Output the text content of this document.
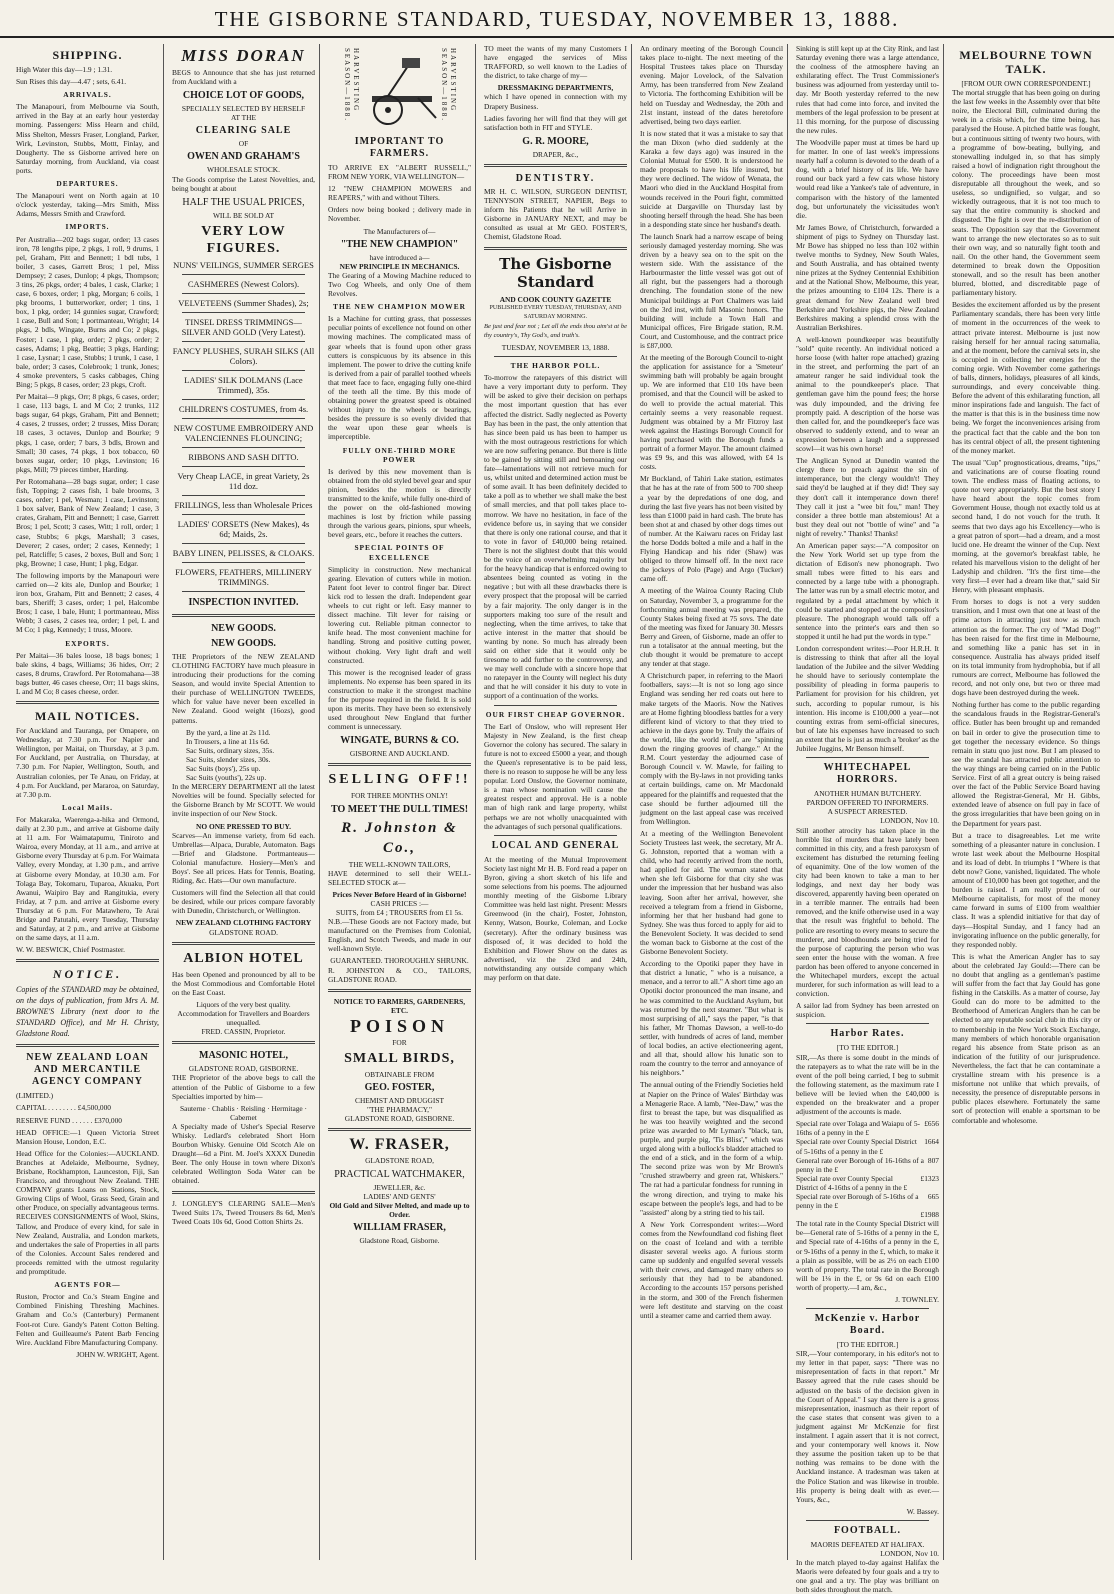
THE GISBORNE STANDARD, TUESDAY, NOVEMBER 13, 1888.
SHIPPING.

High Water this day—1.9 ; 1.31.

Sun Rises this day—4.47 ; sets, 6.41.

ARRIVALS.

The Manapouri, from Melbourne via South, arrived in the Bay at an early hour yesterday morning. Passengers: Miss Hearn and child, Miss Shelton, Messrs Fraser, Longland, Parker, Wirk, Levinston, Stubbs, Mottt, Finlay, and Dougherty. The ss Gisborne arrived here on Saturday morning, from Auckland, via coast ports.

DEPARTURES.

The Manapouri went on North again at 10 o'clock yesterday, taking—Mrs Smith, Miss Adams, Messrs Smith and Crawford.

IMPORTS.

Per Australia—202 bags sugar, order; 13 cases iron, 78 lengths pipe, 2 pkgs, 1 roll, 9 drums, 1 pel, Graham, Pitt and Bennett; 1 bdl tubs, 1 boiler, 3 cases, Garrett Bros; 1 pel, Miss Dempsey; 2 cases, Dunlop; 4 pkgs, Thompson; 3 tins, 26 pkgs, order; 4 bales, 1 cask, Clarke; 1 case, 6 boxes, order; 1 pkg, Morgan; 6 coils, 1 pkg brooms, 1 butterworker, order; 1 tins, 1 box, 1 pkg, order; 14 gunnies sugar, Crawford; 1 case, Bull and Son; 1 portmanteau, Wright; 14 pkgs, 2 bdls, Wingate, Burns and Co; 2 pkgs, Foster; 1 case, 1 pkg, order; 2 pkgs, order; 2 cases, Adams; 1 pkg, Beattie; 3 pkgs, Harding; 1 case, Lysnar; 1 case, Stubbs; 1 trunk, 1 case, 1 bale, order; 3 cases, Colebrook; 1 trunk, Jones; 4 smoke preventers, 5 casks cabbages, Ching Bing; 5 pkgs, 8 cases, order; 23 pkgs, Croft.

Per Maitai—9 pkgs, Orr; 8 pkgs, 6 cases, order; 1 case, 113 bags, L and M Co; 2 trunks, 112 bags sugar, 64 pkgs, Graham, Pitt and Bennett; 4 cases, 2 trusses, order; 2 trusses, Miss Doran; 18 cases, 3 octaves, Dunlop and Bourke; 9 pkgs, 1 case, order; 7 bars, 3 bdls, Brown and Small; 30 cases, 74 pkgs, 1 box tobacco, 60 boxes sugar, order; 10 pkgs, Levinston; 16 pkgs, Mill; 79 pieces timber, Harding.

Per Rotomahana—28 bags sugar, order; 1 case fish, Topping; 2 cases fish, 1 bale brooms, 3 cases, order; 1 pel, Wesman; 1 case, Levinston; 1 box salver, Bank of New Zealand; 1 case, 3 crates, Graham, Pitt and Bennett; 1 case, Garrett Bros; 1 pel, Scott; 3 cases, Witt; 1 roll, order; 1 case, Stubbs; 6 pkgs, Marshall; 3 cases, Deverer; 2 cases, order; 2 cases, Kennedy; 1 pel, Ratcliffe; 5 cases, 2 boxes, Bull and Son; 1 pkg, Browne; 1 case, Hunt; 1 pkg, Edgar.

The following imports by the Manapouri were carried on—2 kits ale, Dunlop and Bourke; 1 iron box, Graham, Pitt and Bennett; 2 cases, 4 bars, Sheriff; 3 cases, order; 1 pel, Halcombe Bros; 1 case, 1 bale, Hunt; 1 portmanteau, Miss Webb; 3 cases, 2 cases tea, order; 1 pel, L and M Co; 1 pkg, Kennedy; 1 truss, Moore.

EXPORTS.

Per Maitai—36 bales loose, 18 bags bones; 1 bale skins, 4 bags, Williams; 36 hides, Orr; 2 cases, 8 drums, Crawford. Per Rotomahana—38 bags butter, 46 cases cheese, Orr; 11 bags skins, L and M Co; 8 cases cheese, order.

MAIL NOTICES.

For Auckland and Tauranga, per Omapere, on Wednesday, at 7.30 p.m. For Napier and Wellington, per Maitai, on Thursday, at 3 p.m. For Auckland, per Australia, on Thursday, at 7.30 p.m. For Napier, Wellington, South, and Australian colonies, per Te Anau, on Friday, at 4 p.m. For Auckland, per Mararoa, on Saturday, at 7.30 p.m.

Local Mails.

For Makaraka, Waerenga-a-hika and Ormond, daily at 2.30 p.m., and arrive at Gisborne daily at 11 a.m. For Waimatapumu, Tiniroto and Wairoa, every Monday, at 11 a.m., and arrive at Gisborne every Thursday at 6 p.m. For Waimata Valley, every Monday, at 1.30 p.m., and arrive at Gisborne every Monday, at 10.30 a.m. For Tolaga Bay, Tokomaru, Tuparoa, Akuaku, Port Awanui, Waipiro Bay and Rangitukia, every Friday, at 7 p.m. and arrive at Gisborne every Thursday at 6 p.m. For Matawhero, Te Arai Bridge and Patutahi, every Tuesday, Thursday and Saturday, at 2 p.m., and arrive at Gisborne on the same days, at 11 a.m.

W. W. BESWICK, Chief Postmaster.

NOTICE.

Copies of the STANDARD may be obtained, on the days of publication, from Mrs A. M. BROWNE'S Library (next door to the STANDARD Office), and Mr H. Christy, Gladstone Road.

NEW ZEALAND LOAN AND MERCANTILE AGENCY COMPANY

(LIMITED.)

CAPITAL . . . . . . . . £4,500,000

RESERVE FUND . . . . . . £370,000

HEAD OFFICE:—1 Queen Victoria Street Mansion House, London, E.C.

Head Office for the Colonies:—AUCKLAND. Branches at Adelaide, Melbourne, Sydney, Brisbane, Rockhampton, Launceston, Fiji, San Francisco, and throughout New Zealand. THE COMPANY grants Loans on Stations, Stock, Growing Clips of Wool, Grass Seed, Grain and other Produce, on specially advantageous terms. RECEIVES CONSIGNMENTS of Wool, Skins, Tallow, and Produce of every kind, for sale in New Zealand, Australia, and London markets, and undertakes the sale of Properties in all parts of the Colonies. Account Sales rendered and proceeds remitted with the utmost regularity and promptitude.

AGENTS FOR—

Ruston, Proctor and Co.'s Steam Engine and Combined Finishing Threshing Machines. Graham and Co.'s (Canterbury) Permanent Foot-rot Cure. Gandy's Patent Cotton Belting. Felten and Guilleaume's Patent Barb Fencing Wire. Auckland Fibre Manufacturing Company.

JOHN W. WRIGHT, Agent.

MISS DORAN

BEGS to Announce that she has just returned from Auckland with a

CHOICE LOT OF GOODS,
SPECIALLY SELECTED BY HERSELF
AT THE
CLEARING SALE
OF
OWEN AND GRAHAM'S
WHOLESALE STOCK.

The Goods comprise the Latest Novelties, and, being bought at about

HALF THE USUAL PRICES,
WILL BE SOLD AT
VERY LOW FIGURES.
NUNS' VEILINGS, SUMMER SERGES
CASHMERES (Newest Colors).
VELVETEENS (Summer Shades), 2s;
TINSEL DRESS TRIMMINGS—SILVER AND GOLD (Very Latest).
FANCY PLUSHES, SURAH SILKS (All Colors).
LADIES' SILK DOLMANS (Lace Trimmed), 35s.
CHILDREN'S COSTUMES, from 4s.
NEW COSTUME EMBROIDERY AND VALENCIENNES FLOUNCING;
RIBBONS AND SASH DITTO.
Very Cheap LACE, in great Variety, 2s 11d doz.
FRILLINGS, less than Wholesale Prices
LADIES' CORSETS (New Makes), 4s 6d; Maids, 2s.
BABY LINEN, PELISSES, & CLOAKS.
FLOWERS, FEATHERS, MILLINERY TRIMMINGS.
INSPECTION INVITED.
NEW GOODS.
NEW GOODS.

THE Proprietors of the NEW ZEALAND CLOTHING FACTORY have much pleasure in introducing their productions for the coming Season, and would invite Special Attention to their purchase of WELLINGTON TWEEDS, which for value have never been excelled in New Zealand. Good weight (16ozs), good patterns.

By the yard, a line at 2s 11d.
In Trousers, a line at 11s 6d.
Sac Suits, ordinary sizes, 35s.
Sac Suits, slender sizes, 30s.
Sac Suits (boys'), 25s up.
Sac Suits (youths'), 22s up.

In the MERCERY DEPARTMENT all the latest Novelties will be found. Specially selected for the Gisborne Branch by Mr SCOTT. We would invite inspection of our New Stock.

NO ONE PRESSED TO BUY.

Scarves—An immense variety, from 6d each. Umbrellas—Alpaca, Durable, Automaton. Bags—Brief and Gladstone. Portmanteaus—Colonial manufacture. Hosiery—Men's and Boys'. See all prices. Hats for Tennis, Boating, Riding, &c. Hats—Our own manufacture.

Customers will find the Selection all that could be desired, while our prices compare favorably with Dunedin, Christchurch, or Wellington.

NEW ZEALAND CLOTHING FACTORY
GLADSTONE ROAD.
ALBION HOTEL

Has been Opened and pronounced by all to be the Most Commodious and Comfortable Hotel on the East Coast.

Liquors of the very best quality.
Accommodation for Travellers and Boarders unequalled.
FRED. CASSIN, Proprietor.
MASONIC HOTEL,
GLADSTONE ROAD, GISBORNE.

THE Proprietor of the above begs to call the attention of the Public of Gisborne to a few Specialties imported by him—

Sauterne · Chablis · Reisling · Hermitage · Cabernet

A Specialty made of Usher's Special Reserve Whisky. Ledlard's celebrated Short Horn Bourbon Whisky. Genuine Old Scotch Ale on Draught—6d a Pint. M. Joel's XXXX Dunedin Beer. The only House in town where Dixon's celebrated Wellington Soda Water can be obtained.

J. LONGLEY'S CLEARING SALE—Men's Tweed Suits 17s, Tweed Trousers 8s 6d, Men's Tweed Coats 10s 6d, Good Cotton Shirts 2s.

HARVESTING SEASON—1888.	HARVESTING SEASON—1888.
IMPORTANT TO FARMERS.

TO ARRIVE EX "ALBERT RUSSELL," FROM NEW YORK, VIA WELLINGTON—

12 "NEW CHAMPION MOWERS and REAPERS," with and without Tilters.

Orders now being booked ; delivery made in November.

The Manufacturers of—
"THE NEW CHAMPION"
have introduced a—
NEW PRINCIPLE IN MECHANICS.

The Gearing of a Mowing Machine reduced to Two Cog Wheels, and only One of them Revolves.

THE NEW CHAMPION MOWER

Is a Machine for cutting grass, that possesses peculiar points of excellence not found on other mowing machines. The complicated mass of gear wheels that is found upon other grass cutters is conspicuous by its absence in this implement. The power to drive the cutting knife is derived from a pair of parallel toothed wheels that meet face to face, engaging fully one-third of the teeth all the time. By this mode of obtaining power the greatest speed is obtained without injury to the wheels or bearings, besides the pressure is so evenly divided that the wear upon these gear wheels is imperceptible.

FULLY ONE-THIRD MORE POWER

Is derived by this new movement than is obtained from the old styled bevel gear and spur pinion, besides the motion is directly transmitted to the knife, while fully one-third of the power on the old-fashioned mowing machines is lost by friction while passing through the various gears, pinions, spur wheels, bevel gears, etc., before it reaches the cutters.

SPECIAL POINTS OF EXCELLENCE

Simplicity in construction. New mechanical gearing. Elevation of cutters while in motion. Patent foot lever to control finger bar. Direct kick rod to lessen the draft. Independent gear wheels to cut right or left. Easy manner to dissect machine. Tilt lever for raising or lowering cut. Reliable pitman connector to knife head. The most convenient machine for handling. Strong and positive cutting power, without choking. Very light draft and well constructed.

This mower is the recognised leader of grass implements. No expense has been spared in its construction to make it the strongest machine for the purpose required in the field. It is sold upon its merits. They have been so extensively used throughout New England that further comment is unnecessary.

WINGATE, BURNS & CO.
GISBORNE AND AUCKLAND.
SELLING OFF!!
FOR THREE MONTHS ONLY!
TO MEET THE DULL TIMES!
R. Johnston & Co.,
THE WELL-KNOWN TAILORS,

HAVE determined to sell their WELL-SELECTED STOCK at—

Prices Never Before Heard of in Gisborne!
CASH PRICES :—
SUITS, from £4 ; TROUSERS from £1 5s.

N.B.—These Goods are not Factory made, but manufactured on the Premises from Colonial, English, and Scotch Tweeds, and made in our well-known Style.

GUARANTEED. THOROUGHLY SHRUNK.

R. JOHNSTON & CO., TAILORS, GLADSTONE ROAD.

NOTICE TO FARMERS, GARDENERS, ETC.
POISON
FOR
SMALL BIRDS,
OBTAINABLE FROM
GEO. FOSTER,
CHEMIST AND DRUGGIST
"THE PHARMACY,"
GLADSTONE ROAD, GISBORNE.
W. FRASER,
GLADSTONE ROAD,
PRACTICAL WATCHMAKER,
JEWELLER, &c.
LADIES' AND GENTS'
Old Gold and Silver Melted, and made up to Order.
WILLIAM FRASER,
Gladstone Road, Gisborne.

TO meet the wants of my many Customers I have engaged the services of Miss TRAFFORD, so well known to the Ladies of the district, to take charge of my—

DRESSMAKING DEPARTMENTS,

which I have opened in connection with my Drapery Business.

Ladies favoring her will find that they will get satisfaction both in FIT and STYLE.

G. R. MOORE,
DRAPER, &c.,
DENTISTRY.

MR H. C. WILSON, SURGEON DENTIST, TENNYSON STREET, NAPIER, Begs to inform his Patients that he will Arrive in Gisborne in JANUARY NEXT, and may be consulted as usual at Mr GEO. FOSTER'S, Chemist, Gladstone Road.

The Gisborne Standard
AND COOK COUNTY GAZETTE
PUBLISHED EVERY TUESDAY, THURSDAY, AND SATURDAY MORNING.

Be just and fear not ; Let all the ends thou aim'st at be thy country's, Thy God's, and truth's.

TUESDAY, NOVEMBER 13, 1888.
THE HARBOR POLL.

To-morrow the ratepayers of this district will have a very important duty to perform. They will be asked to give their decision on perhaps the most important question that has ever affected the district. Sadly neglected as Poverty Bay has been in the past, the only attention that has since been paid us has been to hamper us with the most outrageous restrictions for which we are now suffering penance. But there is little to be gained by sitting still and bemoaning our fate—lamentations will not retrieve much for us, whilst united and determined action must be of some avail. It has been definitely decided to take a poll as to whether we shall make the best of small mercies, and that poll takes place to-morrow. We have no hesitation, in face of the evidence before us, in saying that we consider that there is only one rational course, and that it to vote in favor of £40,000 being retained. There is not the slightest doubt that this would be the voice of an overwhelming majority but for the heavy handicap that is enforced owing to absentees being counted as voting in the negative ; but with all these drawbacks there is every prospect that the proposal will be carried by a fair majority. The only danger is in the supporters making too sure of the result and neglecting, when the time arrives, to take that active interest in the matter that should be wanting by none. So much has already been said on either side that it would only be tiresome to add further to the controversy, and we may well conclude with a sincere hope that no ratepayer in the County will neglect his duty and that he will consider it his duty to vote in support of a continuation of the works.

OUR FIRST CHEAP GOVERNOR.

The Earl of Onslow, who will represent Her Majesty in New Zealand, is the first cheap Governor the colony has secured. The salary in future is not to exceed £5000 a year, and though the Queen's representative is to be paid less, there is no reason to suppose he will be any less popular. Lord Onslow, the Governor nominate, is a man whose nomination will cause the greatest respect and approval. He is a noble man of high rank and large property, whilst perhaps we are not wholly unacquainted with the advantages of such personal qualifications.

LOCAL AND GENERAL

At the meeting of the Mutual Improvement Society last night Mr H. B. Ford read a paper on Byron, giving a short sketch of his life and some selections from his poems. The adjourned monthly meeting of the Gisborne Library Committee was held last night. Present: Messrs Greenwood (in the chair), Foster, Johnston, Kenny, Watson, Bourke, Coleman, and Locke (secretary). After the ordinary business was disposed of, it was decided to hold the Exhibition and Flower Show on the dates as advertised, viz the 23rd and 24th, notwithstanding any outside company which may perform on that date.

An ordinary meeting of the Borough Council takes place to-night. The next meeting of the Hospital Trustees takes place on Thursday evening. Major Lovelock, of the Salvation Army, has been transferred from New Zealand to Victoria. The forthcoming Exhibition will be held on Tuesday and Wednesday, the 20th and 21st instant, instead of the dates heretofore advertised, being two days earlier.

It is now stated that it was a mistake to say that the man Dixon (who died suddenly at the Karaka a few days ago) was insured in the Colonial Mutual for £500. It is understood he made proposals to have his life insured, but they were declined. The widow of Wenata, the Maori who died in the Auckland Hospital from wounds received in the Pouri fight, committed suicide at Dargaville on Thursday last by shooting herself through the head. She has been in a desponding state since her husband's death.

The launch Snark had a narrow escape of being seriously damaged yesterday morning. She was driven by a heavy sea on to the spit on the western side. With the assistance of the Harbourmaster the little vessel was got out of all right, but the passengers had a thorough drenching. The foundation stone of the new Municipal buildings at Port Chalmers was laid on the 3rd inst, with full Masonic honors. The building will include a Town Hall and Municipal offices, Fire Brigade station, R.M. Court, and Customhouse, and the contract price is £87,000.

At the meeting of the Borough Council to-night the application for assistance for a 'Smeteur' swimming bath will probably be again brought up. We are informed that £10 10s have been promised, and that the Council will be asked to do well to provide the actual material. This certainly seems a very reasonable request. Judgment was obtained by a Mr Fitzroy last week against the Hastings Borough Council for having purchased with the Borough funds a portrait of a former Mayor. The amount claimed was £9 9s, and this was allowed, with £4 1s costs.

Mr Buckland, of Tahiri Lake station, estimates that he has at the rate of from 500 to 700 sheep a year by the depredations of one dog, and during the last five years has not been visited by less than £1000 paid in hard cash. The brute has been shot at and chased by other dogs times out of number. At the Kaiwaru races on Friday last the horse Dodds bolted a mile and a half in the Flying Handicap and his rider (Shaw) was obliged to throw himself off. In the next race the jockeys of Polo (Page) and Argo (Tucker) came off.

A meeting of the Wairoa County Racing Club on Saturday, November 3, a programme for the forthcoming annual meeting was prepared, the County Stakes being fixed at 75 sovs. The date of the meeting was fixed for January 30. Messrs Berry and Green, of Gisborne, made an offer to run a totalisator at the annual meeting, but the club thought it would be premature to accept any tender at that stage.

A Christchurch paper, in referring to the Maori footballers, says:—It is not so long ago since England was sending her red coats out here to make targets of the Maoris. Now the Natives are at Home fighting bloodless battles for a very different kind of victory to that they tried to achieve in the days gone by. Truly the affairs of the world, like the world itself, are "spinning down the ringing grooves of change." At the R.M. Court yesterday the adjourned case of Borough Council v. W. Mawle, for failing to comply with the By-laws in not providing tanks at certain buildings, came on. Mr Macdonald appeared for the plaintiffs and requested that the case should be further adjourned till the judgment on the last appeal case was received from Wellington.

At a meeting of the Wellington Benevolent Society Trustees last week, the secretary, Mr A. G. Johnston, reported that a woman with a child, who had recently arrived from the north, had applied for aid. The woman stated that when she left Gisborne for that city she was under the impression that her husband was also leaving. Soon after her arrival, however, she received a telegram from a friend in Gisborne, informing her that her husband had gone to Sydney. She was thus forced to apply for aid to the Benevolent Society. It was decided to send the woman back to Gisborne at the cost of the Gisborne Benevolent Society.

According to the Opotiki paper they have in that district a lunatic, " who is a nuisance, a menace, and a terror to all." A short time ago an Opotiki doctor pronounced the man insane, and he was committed to the Auckland Asylum, but was returned by the next steamer. "But what is most surprising of all," says the paper, "is that his father, Mr Thomas Dawson, a well-to-do settler, with hundreds of acres of land, member of local bodies, an active electioneering agent, and all that, should allow his lunatic son to roam the country to the terror and annoyance of his neighbors."

The annual outing of the Friendly Societies held at Napier on the Prince of Wales' Birthday was a Menagerie Race. A lamb, "Nee-Daw," was the first to breast the tape, but was disqualified as he was too heavily weighted and the second prize was awarded to Mr Lyman's "black, tan, purple, and purple pig, 'Tis Bliss'," which was urged along with a bullock's bladder attached to the end of a stick, and in the form of a whip. The second prize was won by Mr Brown's "crushed strawberry and green rat, Whiskers." The rat had a particular fondness for running in the wrong direction, and trying to make his escape between the people's legs, and had to be "assisted" along by a string tied to his tail.

A New York Correspondent writes:—Word comes from the Newfoundland cod fishing fleet on the coast of Iceland and with a terrible disaster several weeks ago. A furious storm came up suddenly and engulfed several vessels with their crews, and damaged many others so seriously that they had to be abandoned. According to the accounts 157 persons perished in the storm, and 300 of the French fishermen were left destitute and starving on the coast until a steamer came and carried them away.

Sinking is still kept up at the City Rink, and last Saturday evening there was a large attendance, the coolness of the atmosphere having an exhilarating effect. The Trust Commissioner's business was adjourned from yesterday until to-day. Mr Booth yesterday referred to the new rules that had come into force, and invited the members of the legal profession to be present at 11 this morning, for the purpose of discussing the new rules.

The Woodville paper must at times be hard up for matter. In one of last week's impressions nearly half a column is devoted to the death of a dog, with a brief history of its life. We have round our back yard a few cats whose history would read like a Yankee's tale of adventure, in comparison with the history of the lamented dog, but unfortunately the vicissitudes won't die.

Mr James Bowe, of Christchurch, forwarded a shipment of pigs to Sydney on Thursday last. Mr Bowe has shipped no less than 102 within twelve months to Sydney, New South Wales, and South Australia, and has obtained twenty nine prizes at the Sydney Centennial Exhibition and at the National Show, Melbourne, this year, the prizes amounting to £104 12s. There is a great demand for New Zealand well bred Berkshire and Yorkshire pigs, the New Zealand Berkshires making a splendid cross with the Australian Berkshires.

A well-known poundkeeper was beautifully "sold" quite recently. An individual noticed a horse loose (with halter rope attached) grazing in the street, and performing the part of an amateur ranger he said individual took the animal to the poundkeeper's place. That gentleman gave him the pound fees; the horse was duly impounded, and the driving fee promptly paid. A description of the horse was then called for, and the poundkeeper's face was observed to suddenly extend, and to wear an expression between a laugh and a suppressed scowl—it was his own horse!

The Anglican Synod at Dunedin wanted the clergy there to preach against the sin of intemperance, but the clergy wouldn't! They said they'd be laughed at if they did! They say they don't call it intemperance down there! They call it just a "wee bit fou," man! They consider a three bottle man abstemious! At a bust they deal out not "bottle of wine" and "a night of revelry." Thanks! Thanks!

An American paper says:—"A compositor on the New York World set up type from the dictation of Edison's new phonograph. Two small tubes were fitted to his ears and connected by a large tube with a phonograph. The latter was run by a small electric motor, and regulated by a pedal attachment by which it could be started and stopped at the compositor's pleasure. The phonograph would talk off a sentence into the printer's ears and then so stopped it until he had put the words in type."

London correspondent writes:—Poor H.R.H. It is distressing to think that after all the loyal laudation of the Jubilee and the silver Wedding he should have to seriously contemplate the possibility of pleading in forma pauperis to Parliament for provision for his children, yet such, according to popular rumour, is his intention. His income is £100,000 a year—not counting extras from semi-official sinecures, but of late his expenses have increased to such an extent that he is just as much a 'broker' as the Jubilee Juggins, Mr Benson himself.

WHITECHAPEL HORRORS.
ANOTHER HUMAN BUTCHERY.
PARDON OFFERED TO INFORMERS.
A SUSPECT ARRESTED.
LONDON, Nov 10.

Still another atrocity has taken place in the horrible list of murders that have lately been committed in this city, and a fresh paroxysm of excitement has disturbed the returning feeling of equanimity. One of the low women of the city had been known to take a man to her lodgings, and next day her body was discovered, apparently having been operated on in a terrible manner. The entrails had been removed, and the knife otherwise used in a way that the result was frightful to behold. The police are resorting to every means to secure the murderer, and bloodhounds are being tried for the purpose of capturing the person who was seen enter the house with the woman. A free pardon has been offered to anyone concerned in the Whitechapel murders, except the actual murderer, for such information as will lead to a conviction.

A sailor lad from Sydney has been arrested on suspicion.

Harbor Rates.
[TO THE EDITOR.]

SIR,—As there is some doubt in the minds of the ratepayers as to what the rate will be in the event of the poll being carried, I beg to submit the following statement, as the maximum rate I believe will be levied when the £40,000 is expended on the breakwater and a proper adjustment of the accounts is made.

Special rate over Tolaga and Waiapu of 5-16ths of a penny in the £
£656
Special rate over County Special District of 5-16ths of a penny in the £
1664
General rate over Borough of 16-16ths of a penny in the £
807
Special rate over County Special District of 4-16ths of a penny in the £
£1323
Special rate over Borough of 5-16ths of a penny in the £
665
£1988

The total rate in the County Special District will be—General rate of 5-16ths of a penny in the £, and Special rate of 4-16ths of a penny in the £, or 9-16ths of a penny in the £, which, to make it a plain as possible, will be as 2½ on each £100 worth of property. The total rate in the Borough will be 1⅛ in the £, or 9s 6d on each £100 worth of property.—I am, &c.,

J. TOWNLEY.
McKenzie v. Harbor Board.
[TO THE EDITOR.]

SIR,—Your contemporary, in his editor's not to my letter in that paper, says: "There was no misrepresentation of facts in that report." Mr Bassey agreed that the rule cases should be adjusted on the basis of the decision given in the Court of Appeal." I say that there is a gross misrepresentation, inasmuch as their report of the case states that consent was given to a judgment against Mr McKenzie for first instalment. I again assert that it is not correct, and your contemporary well knows it. Now they assume the position taken up to be that nothing was remains to be done with the Auckland instance. A tradesman was taken at the Police Station and was likewise in trouble. His property is being dealt with as ever.—Yours, &c.,

W. Bassey.
FOOTBALL.
MAORIS DEFEATED AT HALIFAX.
LONDON, Nov 10.

In the match played to-day against Halifax the Maoris were defeated by four goals and a try to one goal and a try. The play was brilliant on both sides throughout the match.

MELBOURNE TOWN TALK.
[FROM OUR OWN CORRESPONDENT.]

The mortal struggle that has been going on during the last few weeks in the Assembly over that bête noire, the Electoral Bill, culminated during the week in a crisis which, for the time being, has paralysed the House. A pitched battle was fought, but a continuous sitting of twenty two hours, with a programme of bow-beating, bullying, and stonewalling indulged in, so that has simply raised a howl of indignation right throughout the colony. The proceedings have been most disreputable all throughout the week, and so useless, so undignified, so vulgar, and so wickedly outrageous, that it is not too much to say that the entire community is shocked and disgusted. The fight is over the re-distribution of seats. The Opposition say that the Government want to arrange the new electorates so as to suit their own way, and so naturally fight tooth and nail. On the other hand, the Government seem determined to break down the Opposition stonewall, and so the result has been another blurred, blotted, and discreditable page of parliamentary history.

Besides the excitement afforded us by the present Parliamentary scandals, there has been very little of moment in the occurrences of the week to attract private interest. Melbourne is just now raising herself for her annual racing saturnalia, and at the moment, before the carnival sets in, she is occupied in collecting her energies for the coming orgie. With November come gatherings of balls, dinners, holidays, pleasures of all kinds, surroundings, and every conceivable thing. Before the advent of this exhilarating function, all minor inspirations fade and languish. The fact of the matter is that this is in the business time now being. We forget the inconveniences arising from the practical fact that the cable and the bon ton has its central object of all, the present tightening of the money market.

The usual "Cup" prognosticatious, dreams, "tips," and vaticinations are of course floating round town. The endless mass of floating actions, to quote not very appropriately. But the best story I have heard about the topic comes from Government House, though not exactly told us at second hand, I do not vouch for the truth. It seems that two days ago his Excellency—who is a great patron of sport—had a dream, and a most lucid one. He dreamt the winner of the Cup. Next morning, at the governor's breakfast table, he related his marvellous vision to the delight of her Ladyship and children. "It's the first time—the very first—I ever had a dream like that," said Sir Henry, with pleasant emphasis.

From horses to dogs is not a very sudden transition, and I must own that one at least of the prime actors in attracting just now as much attention as the former. The cry of "Mad Dog!" has been raised for the first time in Melbourne, and something like a panic has set in in consequence. Australia has always prided itself on its total immunity from hydrophobia, but if all rumours are correct, Melbourne has followed the record, and not only one, but two or three mad dogs have been destroyed during the week.

Nothing further has come to the public regarding the scandalous frauds in the Registrar-General's office. Butler has been brought up and remanded on bail in order to give the prosecution time to get together the necessary evidence. So things remain in statu quo just now. But I am pleased to see the scandal has attracted public attention to the way things are being carried on in the Public Service. First of all a great outcry is being raised over the fact of the Public Service Board having allowed the Registrar-General, Mr H. Gibbs, extended leave of absence on full pay in face of the gross irregularities that have been going on in the Department for years past.

But a trace to disagreeables. Let me write something of a pleasanter nature in conclusion. I wrote last week about the Melbourne Hospital and its load of debt. In triumphs I "Where is that debt now? Gone, vanished, liquidated. The whole amount of £10,000 has been got together, and the burden is raised. I am really proud of our Melbourne capitalists, for most of the money came forward in sums of £100 from wealthier class. It was a splendid initiative for that day of days—Hospital Sunday, and I fancy had an invigorating influence on the public generally, for they responded nobly.

This is what the American Angler has to say about the celebrated Jay Gould:—There can be no doubt that angling as a gentleman's pastime will suffer from the fact that Jay Gould has gone fishing in the Catskills. As a matter of course, Jay Gould can do more to be admitted to the Brotherhood of American Anglers than he can be elected to any reputable social club in this city or to membership in the New York Stock Exchange, many members of which honorable organisation regard his absence from State prison as an indication of the futility of our jurisprudence. Nevertheless, the fact that he can contaminate a crystalline stream with his presence is a misfortune not unlike that which prevails, of necessity, the presence of disreputable persons in public places elsewhere. Fortunately the same sort of protection will enable a sportsman to be comfortable and wholesome.
